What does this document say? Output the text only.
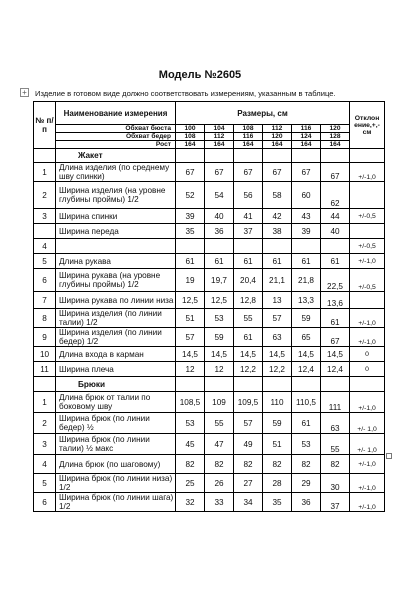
Модель №2605
+ Изделие в готовом виде должно соответствовать измерениям, указанным в таблице.
№ п/п	Наименование измерения	Размеры, см						Отклон ение,+,- см
	Обхват бюста	100	104	108	112	116	120	
	Обхват бедер	108	112	116	120	124	128	
	Рост	164	164	164	164	164	164	
	Жакет							
1	Длина изделия (по среднему шву спинки)	67	67	67	67	67	67	+/-1,0
2	Ширина изделия (на уровне глубины проймы) 1/2	52	54	56	58	60	62	
3	Ширина спинки	39	40	41	42	43	44	+/-0,5
	Ширина переда	35	36	37	38	39	40	
4								+/-0,5
5	Длина рукава	61	61	61	61	61	61	+/-1,0
6	Ширина рукава (на уровне глубины проймы) 1/2	19	19,7	20,4	21,1	21,8	22,5	+/-0,5
7	Ширина рукава по линии низа	12,5	12,5	12,8	13	13,3	13,6	
8	Ширина изделия (по линии талии) 1/2	51	53	55	57	59	61	+/-1,0
9	Ширина изделия (по линии бедер) 1/2	57	59	61	63	65	67	+/-1,0
10	Длина входа в карман	14,5	14,5	14,5	14,5	14,5	14,5	0
11	Ширина плеча	12	12	12,2	12,2	12,4	12,4	0
	Брюки							
1	Длина брюк от талии по боковому шву	108,5	109	109,5	110	110,5	111	+/-1,0
2	Ширина брюк (по линии бедер) ½	53	55	57	59	61	63	+/- 1,0
3	Ширина брюк (по линии талии) ½ макс	45	47	49	51	53	55	+/- 1,0
4	Длина брюк (по шаговому)	82	82	82	82	82	82	+/-1,0
5	Ширина брюк (по линии низа) 1/2	25	26	27	28	29	30	+/-1,0
6	Ширина брюк (по линии шага) 1/2	32	33	34	35	36	37	+/-1,0
